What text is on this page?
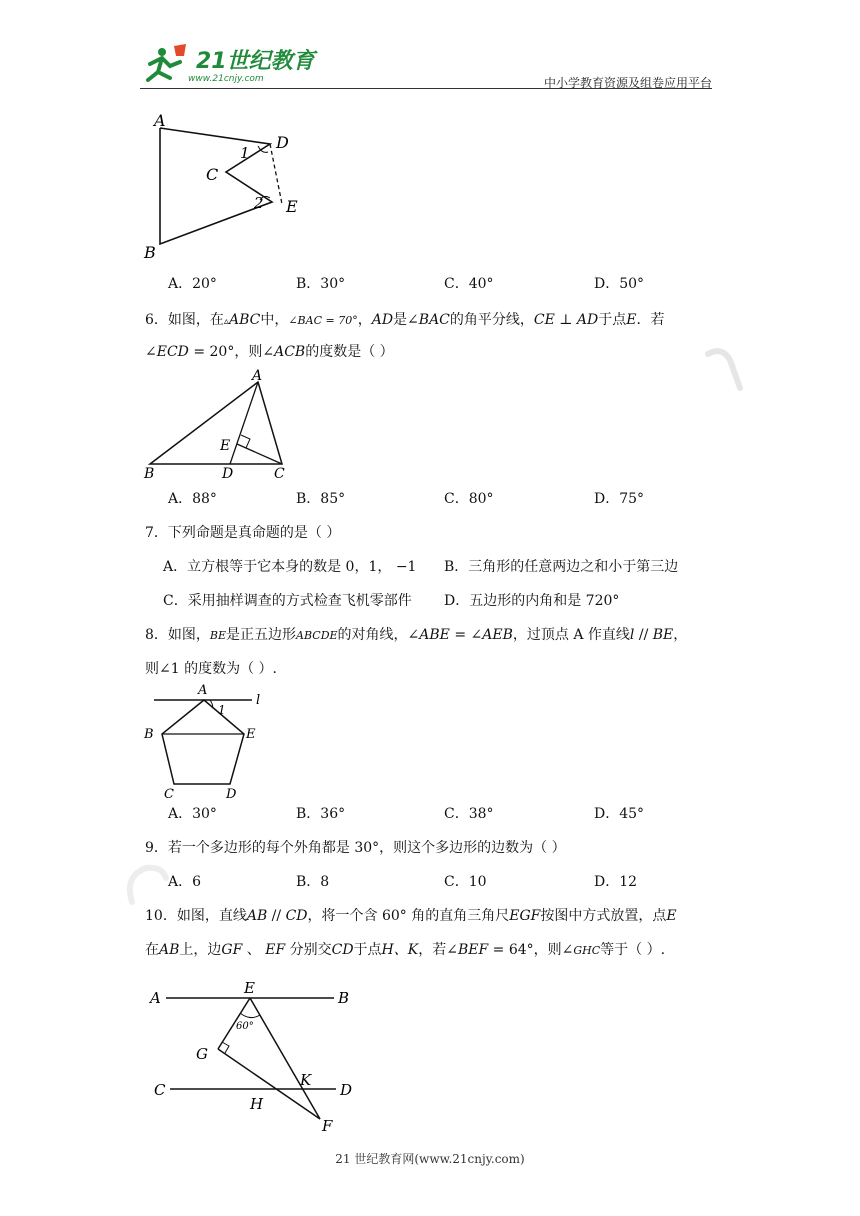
21世纪教育
www.21cnjy.com	中小学教育资源及组卷应用平台
A
D
C
E
B
1
2
A．20°	B．30°	C．40°	D．50°
6．如图，在▵ABC中，∠BAC = 70°，AD是∠BAC的角平分线，CE ⊥ AD于点E．若
∠ECD = 20°，则∠ACB的度数是（ ）
A
B	D	C
E
A．88°	B．85°	C．80°	D．75°
7．下列命题是真命题的是（ ）
A．立方根等于它本身的数是 0，1， −1 B．三角形的任意两边之和小于第三边
C．采用抽样调查的方式检查飞机零部件 D．五边形的内角和是 720°
8．如图，BE是正五边形ABCDE的对角线，∠ABE = ∠AEB，过顶点 A 作直线l // BE，
则∠1 的度数为（ ）.
A
l
1
B	E
C	D
A．30°	B．36°	C．38°	D．45°
9．若一个多边形的每个外角都是 30°，则这个多边形的边数为（ ）
A．6	B．8	C．10	D．12
10．如图，直线AB // CD，将一个含 60° 角的直角三角尺EGF按图中方式放置，点E
在AB上，边GF 、 EF 分别交CD于点H、K，若∠BEF = 64°，则∠GHC等于（ ）.
60°
A
E
B
G
C
K
D
H
F
21 世纪教育网(www.21cnjy.com)
